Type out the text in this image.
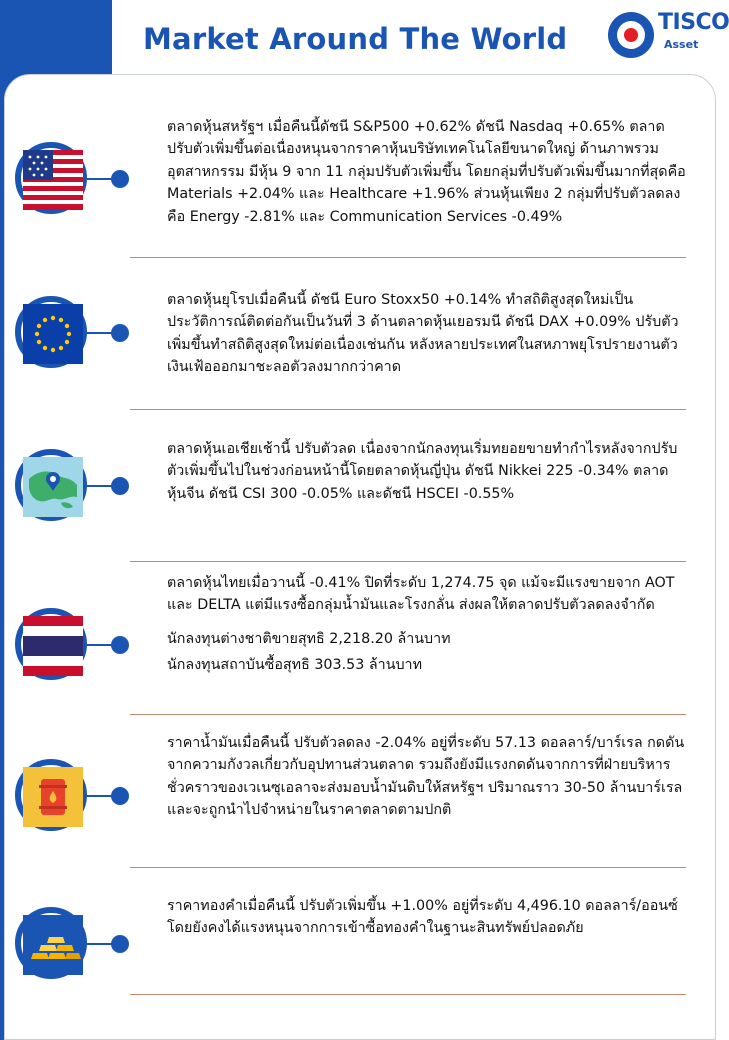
Market Around The World	TISCO
Asset

ตลาดหุ้นสหรัฐฯ เมื่อคืนนี้ดัชนี S&P500 +0.62% ดัชนี Nasdaq +0.65% ตลาดปรับตัวเพิ่มขึ้นต่อเนื่องหนุนจากราคาหุ้นบริษัทเทคโนโลยีขนาดใหญ่ ด้านภาพรวมอุตสาหกรรม มีหุ้น 9 จาก 11 กลุ่มปรับตัวเพิ่มขึ้น โดยกลุ่มที่ปรับตัวเพิ่มขึ้นมากที่สุดคือ Materials +2.04% และ Healthcare +1.96% ส่วนหุ้นเพียง 2 กลุ่มที่ปรับตัวลดลง คือ Energy -2.81% และ Communication Services -0.49%

ตลาดหุ้นยุโรปเมื่อคืนนี้ ดัชนี Euro Stoxx50 +0.14% ทำสถิติสูงสุดใหม่เป็นประวัติการณ์ติดต่อกันเป็นวันที่ 3 ด้านตลาดหุ้นเยอรมนี ดัชนี DAX +0.09% ปรับตัวเพิ่มขึ้นทำสถิติสูงสุดใหม่ต่อเนื่องเช่นกัน หลังหลายประเทศในสหภาพยุโรปรายงานตัวเงินเฟ้อออกมาชะลอตัวลงมากกว่าคาด

ตลาดหุ้นเอเชียเช้านี้ ปรับตัวลด เนื่องจากนักลงทุนเริ่มทยอยขายทำกำไรหลังจากปรับตัวเพิ่มขึ้นไปในช่วงก่อนหน้านี้โดยตลาดหุ้นญี่ปุ่น ดัชนี Nikkei 225 -0.34% ตลาดหุ้นจีน ดัชนี CSI 300 -0.05% และดัชนี HSCEI -0.55%

ตลาดหุ้นไทยเมื่อวานนี้ -0.41% ปิดที่ระดับ 1,274.75 จุด แม้จะมีแรงขายจาก AOT และ DELTA แต่มีแรงซื้อกลุ่มน้ำมันและโรงกลั่น ส่งผลให้ตลาดปรับตัวลดลงจำกัด

นักลงทุนต่างชาติขายสุทธิ 2,218.20 ล้านบาท

นักลงทุนสถาบันซื้อสุทธิ 303.53 ล้านบาท

ราคาน้ำมันเมื่อคืนนี้ ปรับตัวลดลง -2.04% อยู่ที่ระดับ 57.13 ดอลลาร์/บาร์เรล กดดันจากความกังวลเกี่ยวกับอุปทานส่วนตลาด รวมถึงยังมีแรงกดดันจากการที่ฝ่ายบริหารชั่วคราวของเวเนซุเอลาจะส่งมอบน้ำมันดิบให้สหรัฐฯ ปริมาณราว 30-50 ล้านบาร์เรล และจะถูกนำไปจำหน่ายในราคาตลาดตามปกติ

ราคาทองคำเมื่อคืนนี้ ปรับตัวเพิ่มขึ้น +1.00% อยู่ที่ระดับ 4,496.10 ดอลลาร์/ออนซ์ โดยยังคงได้แรงหนุนจากการเข้าซื้อทองคำในฐานะสินทรัพย์ปลอดภัย
